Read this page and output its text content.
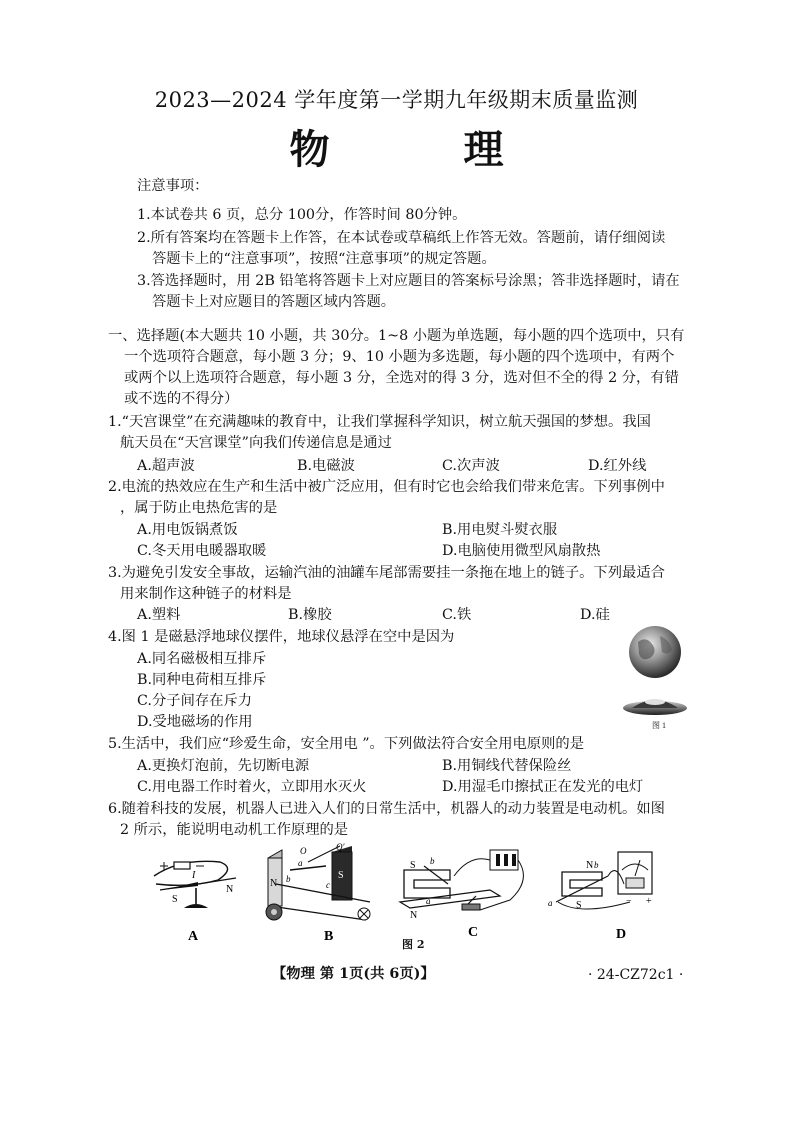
2023—2024 学年度第一学期九年级期末质量监测
物 理
注意事项：
1.本试卷共 6 页，总分 100分，作答时间 80分钟。
2.所有答案均在答题卡上作答，在本试卷或草稿纸上作答无效。答题前，请仔细阅读
答题卡上的“注意事项”，按照“注意事项”的规定答题。
3.答选择题时，用 2B 铅笔将答题卡上对应题目的答案标号涂黑；答非选择题时，请在
答题卡上对应题目的答题区域内答题。
一、选择题(本大题共 10 小题，共 30分。1~8 小题为单选题，每小题的四个选项中，只有
一个选项符合题意，每小题 3 分；9、10 小题为多选题，每小题的四个选项中，有两个
或两个以上选项符合题意，每小题 3 分，全选对的得 3 分，选对但不全的得 2 分，有错
或不选的不得分）
1.“天宫课堂”在充满趣味的教育中，让我们掌握科学知识，树立航天强国的梦想。我国
航天员在“天宫课堂”向我们传递信息是通过
A.超声波	B.电磁波	C.次声波	D.红外线
2.电流的热效应在生产和生活中被广泛应用，但有时它也会给我们带来危害。下列事例中
，属于防止电热危害的是
A.用电饭锅煮饭	B.用电熨斗熨衣服
C.冬天用电暖器取暖	D.电脑使用微型风扇散热
3.为避免引发安全事故，运输汽油的油罐车尾部需要挂一条拖在地上的链子。下列最适合
用来制作这种链子的材料是
A.塑料	B.橡胶	C.铁	D.硅
4.图 1 是磁悬浮地球仪摆件，地球仪悬浮在空中是因为
A.同名磁极相互排斥
B.同种电荷相互排斥
C.分子间存在斥力
D.受地磁场的作用	图 1
5.生活中，我们应“珍爱生命，安全用电 ”。下列做法符合安全用电原则的是
A.更换灯泡前，先切断电源	B.用铜线代替保险丝
C.用电器工作时着火，立即用水灭火	D.用湿毛巾擦拭正在发光的电灯
6.随着科技的发展，机器人已进入人们的日常生活中，机器人的动力装置是电动机。如图
2 所示，能说明电动机工作原理的是
I
S
N
A
N
S
a
b
c
Q′
O
B
S
N
b
a
C
N
S
b
a	− +
D
图 2
【物理 第 1页(共 6页)】	· 24-CZ72c1 ·
